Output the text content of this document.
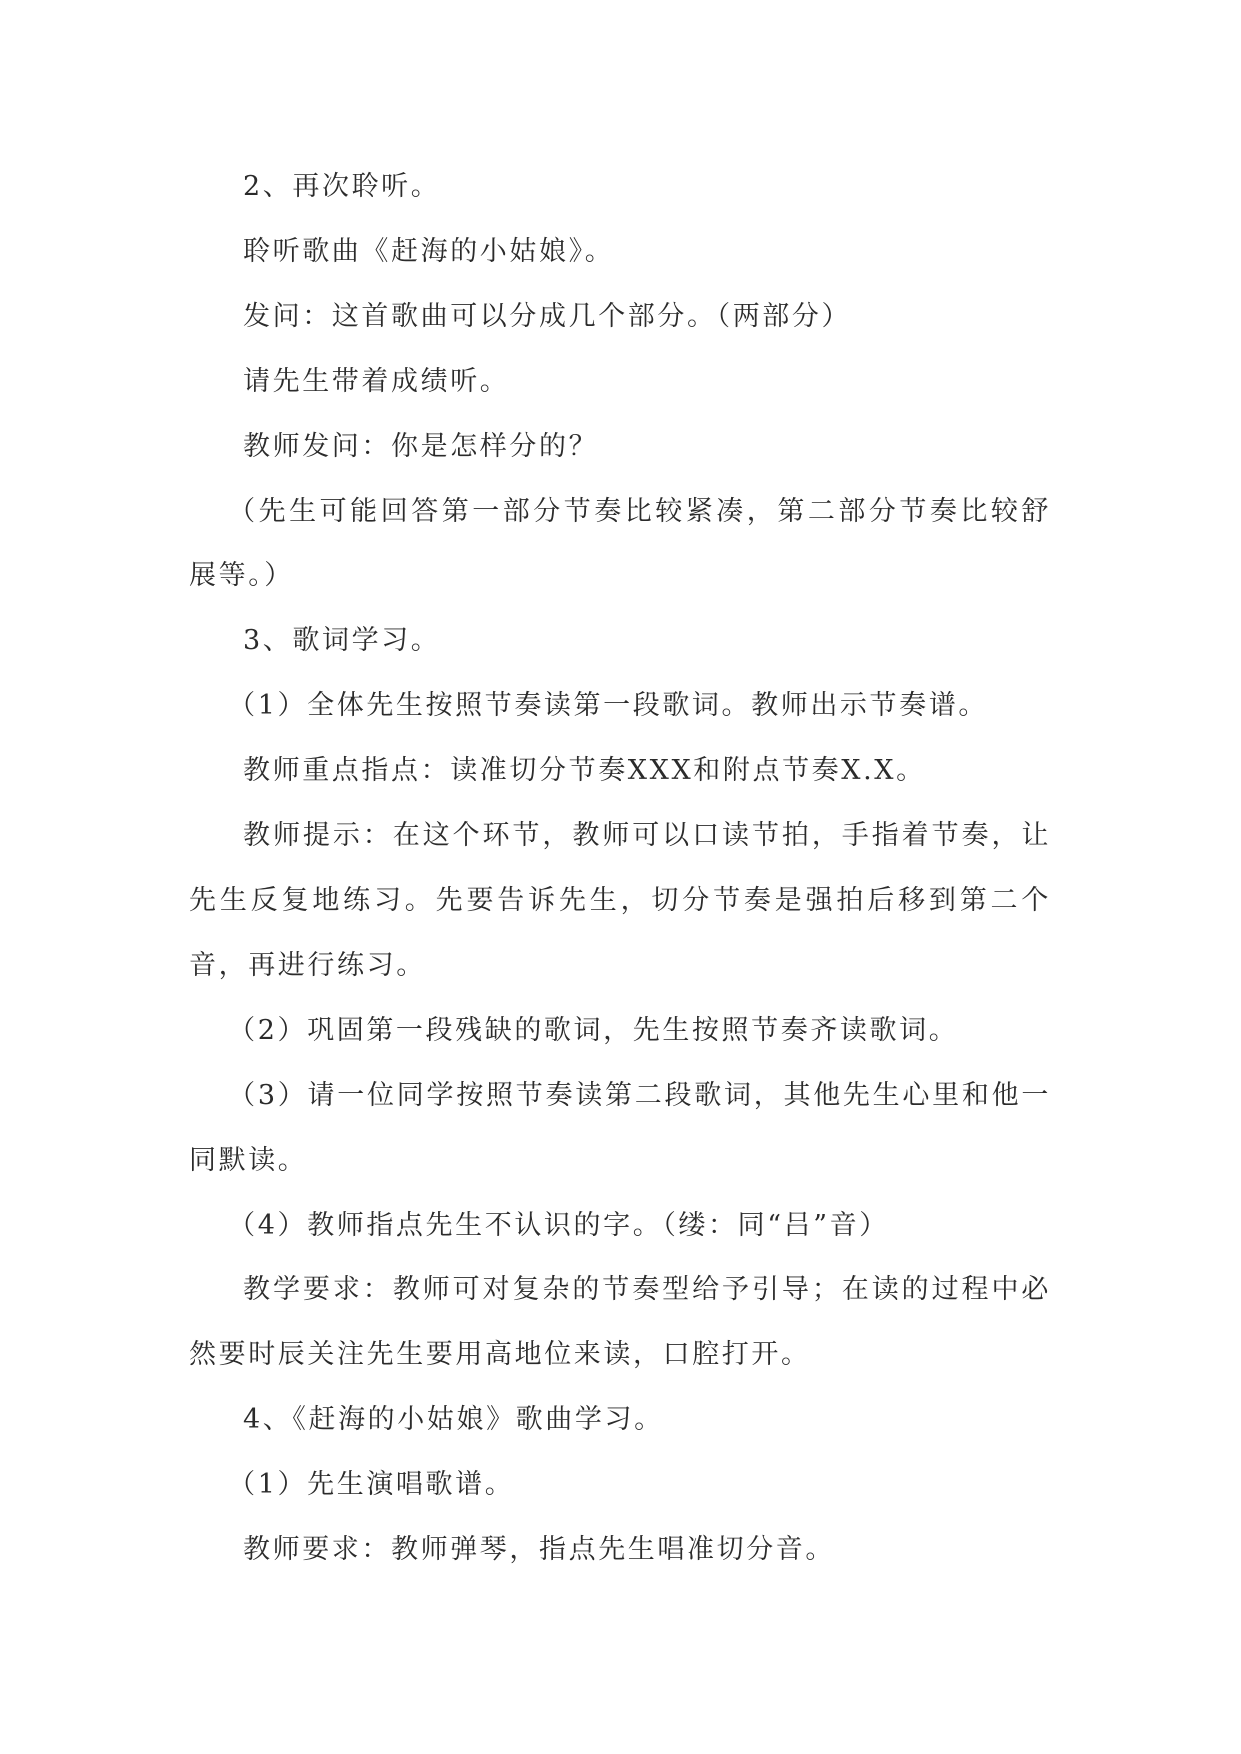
2、再次聆听。

聆听歌曲《赶海的小姑娘》。

发问：这首歌曲可以分成几个部分。（两部分）

请先生带着成绩听。

教师发问：你是怎样分的？

（先生可能回答第一部分节奏比较紧凑，第二部分节奏比较舒展等。）

3、歌词学习。

（1）全体先生按照节奏读第一段歌词。教师出示节奏谱。

教师重点指点：读准切分节奏XXX和附点节奏X.X。

教师提示：在这个环节，教师可以口读节拍，手指着节奏，让先生反复地练习。先要告诉先生，切分节奏是强拍后移到第二个音，再进行练习。

（2）巩固第一段残缺的歌词，先生按照节奏齐读歌词。

（3）请一位同学按照节奏读第二段歌词，其他先生心里和他一同默读。

（4）教师指点先生不认识的字。（缕：同“吕”音）

教学要求：教师可对复杂的节奏型给予引导；在读的过程中必然要时辰关注先生要用高地位来读，口腔打开。

4、《赶海的小姑娘》歌曲学习。

（1）先生演唱歌谱。

教师要求：教师弹琴，指点先生唱准切分音。
